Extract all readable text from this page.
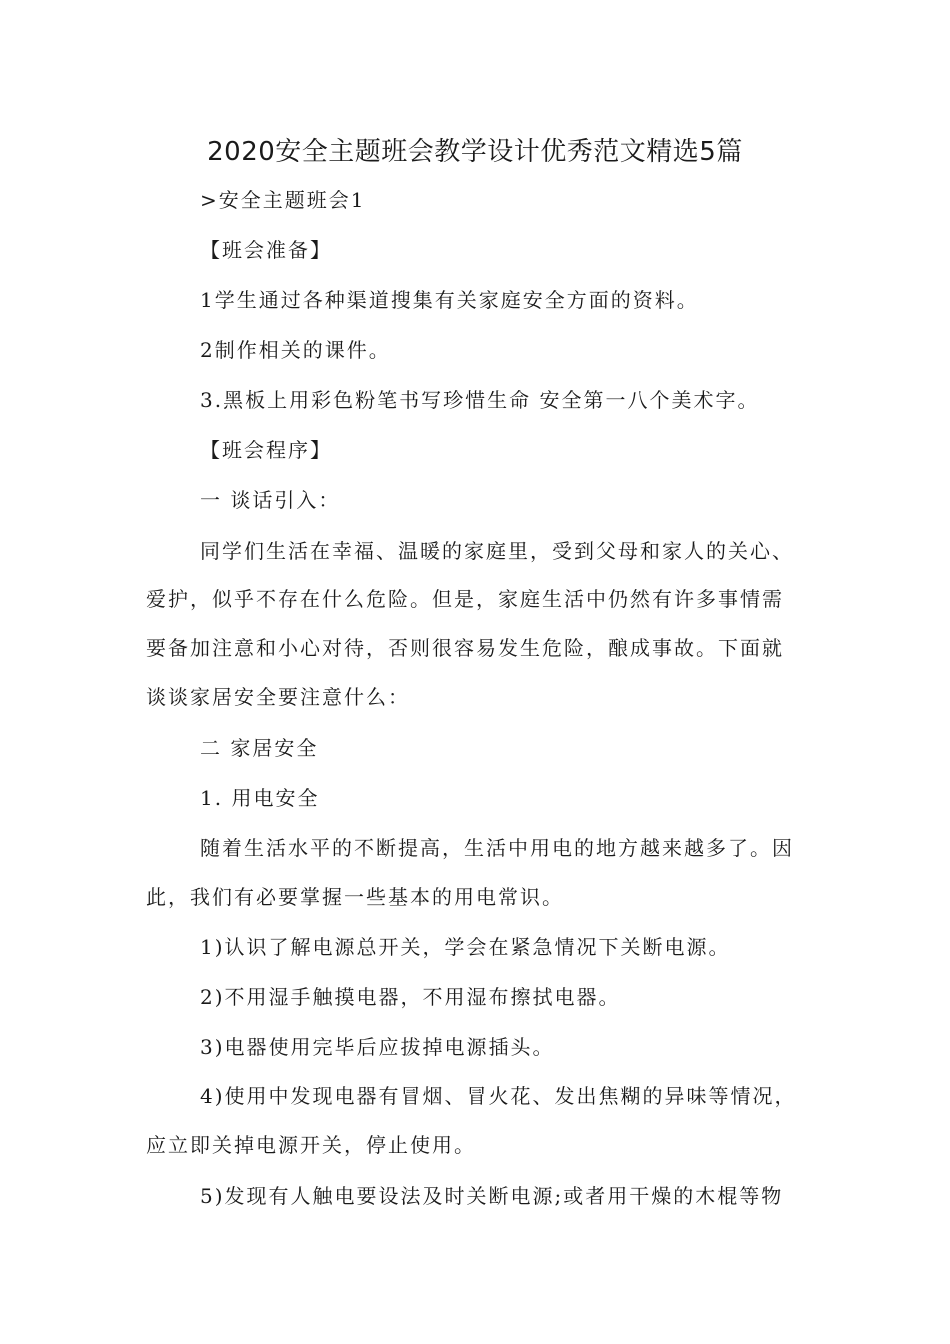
2020安全主题班会教学设计优秀范文精选5篇
>安全主题班会1
【班会准备】
1学生通过各种渠道搜集有关家庭安全方面的资料。
2制作相关的课件。
3.黑板上用彩色粉笔书写珍惜生命 安全第一八个美术字。
【班会程序】
一 谈话引入：
同学们生活在幸福、温暖的家庭里，受到父母和家人的关心、
爱护，似乎不存在什么危险。但是，家庭生活中仍然有许多事情需
要备加注意和小心对待，否则很容易发生危险，酿成事故。下面就
谈谈家居安全要注意什么：
二 家居安全
1. 用电安全
随着生活水平的不断提高，生活中用电的地方越来越多了。因
此，我们有必要掌握一些基本的用电常识。
1)认识了解电源总开关，学会在紧急情况下关断电源。
2)不用湿手触摸电器，不用湿布擦拭电器。
3)电器使用完毕后应拔掉电源插头。
4)使用中发现电器有冒烟、冒火花、发出焦糊的异味等情况，
应立即关掉电源开关，停止使用。
5)发现有人触电要设法及时关断电源;或者用干燥的木棍等物
